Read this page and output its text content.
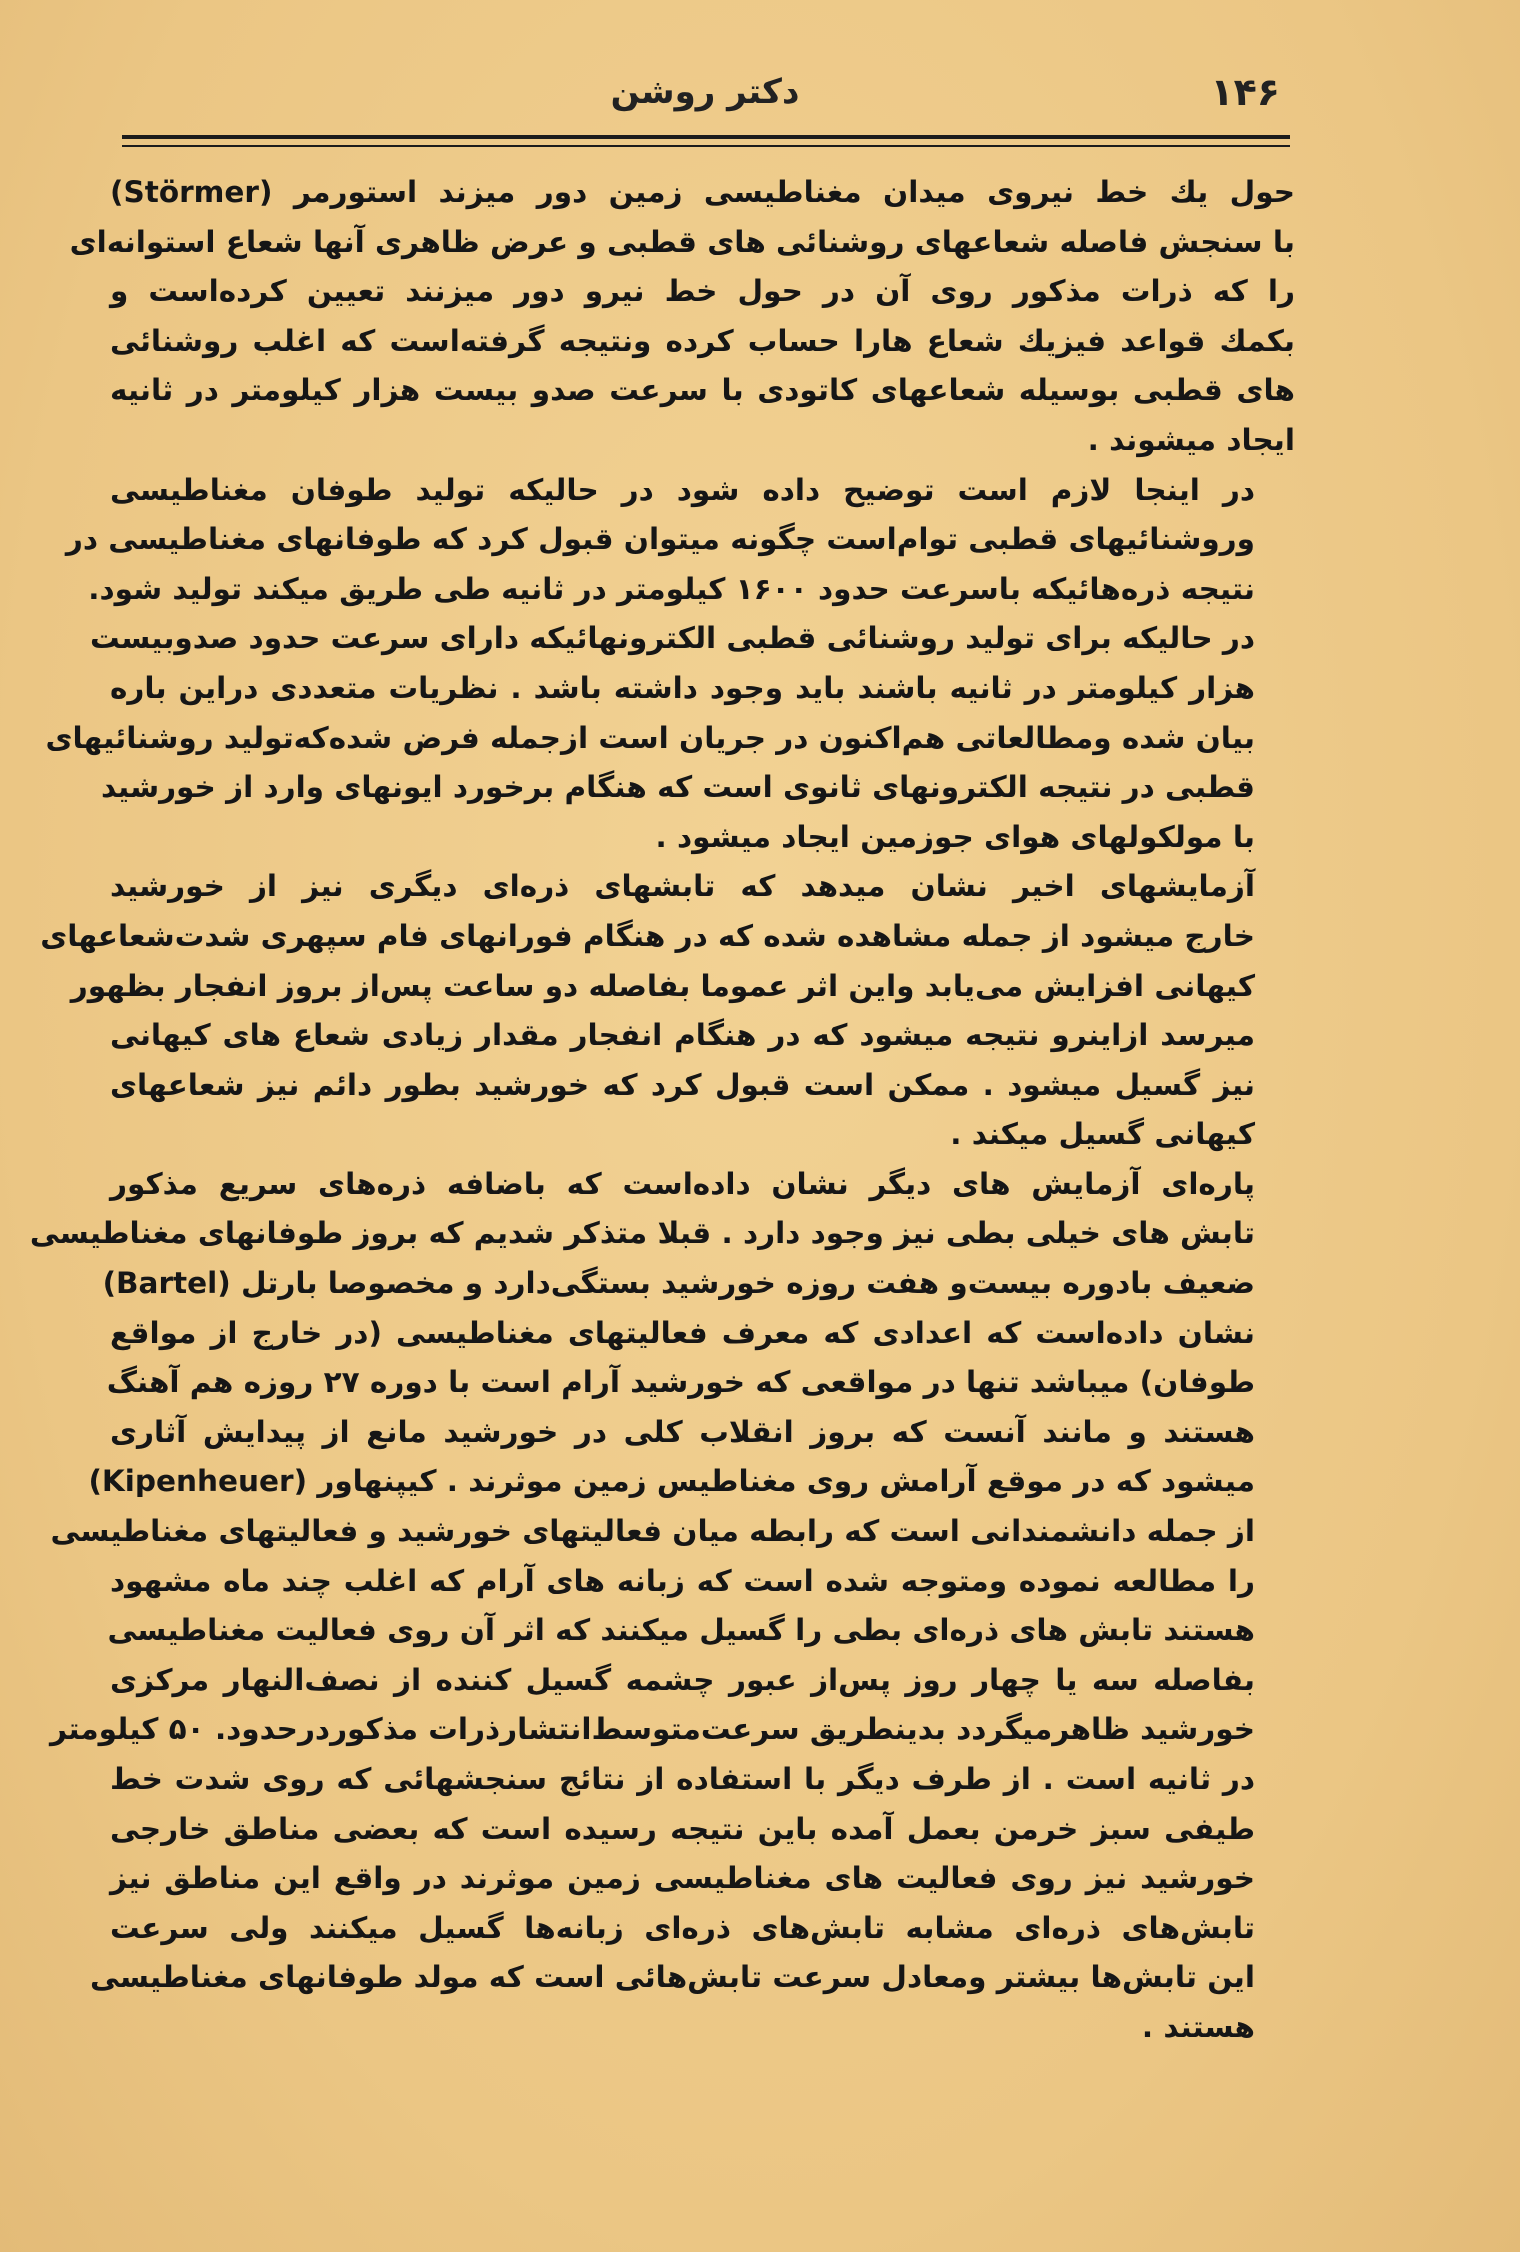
۱۴۶
دکتر روشن
حول يك خط نيروى ميدان مغناطيسى زمين دور ميزند استورمر (Störmer)
با سنجش فاصله شعاعهاى روشنائى هاى قطبى و عرض ظاهرى آنها شعاع استوانه‌اى
را كه ذرات مذكور روى آن در حول خط نيرو دور ميزنند تعيين كرده‌است و
بكمك قواعد فيزيك شعاع هارا حساب كرده ونتيجه گرفته‌است كه اغلب روشنائى
هاى قطبى بوسيله شعاعهاى كاتودى با سرعت صدو بيست هزار كيلومتر در ثانيه
ايجاد ميشوند .
در اينجا لازم است توضيح داده شود در حاليكه توليد طوفان مغناطيسى
وروشنائيهاى قطبى توام‌است چگونه ميتوان قبول كرد كه طوفانهاى مغناطيسى در
نتيجه ذره‌هائيكه باسرعت حدود ۱۶۰۰ كيلومتر در ثانيه طى طريق ميكند توليد شود.
در حاليكه براى توليد روشنائى قطبى الكترونهائيكه داراى سرعت حدود صدوبيست
هزار كيلومتر در ثانيه باشند بايد وجود داشته باشد . نظريات متعددى دراين باره
بيان شده ومطالعاتى هم‌اكنون در جريان است ازجمله فرض شده‌كه‌توليد روشنائيهاى
قطبى در نتيجه الكترونهاى ثانوى است كه هنگام برخورد ايونهاى وارد از خورشيد
با مولكولهاى هواى جوزمين ايجاد ميشود .
آزمايشهاى اخير نشان ميدهد كه تابشهاى ذره‌اى ديگرى نيز از خورشيد
خارج ميشود از جمله مشاهده شده كه در هنگام فورانهاى فام سپهرى شدت‌شعاعهاى
كيهانى افزايش مى‌يابد واين اثر عموما بفاصله دو ساعت پس‌از بروز انفجار بظهور
ميرسد ازاينرو نتيجه ميشود كه در هنگام انفجار مقدار زيادى شعاع هاى كيهانى
نيز گسيل ميشود . ممكن است قبول كرد كه خورشيد بطور دائم نيز شعاعهاى
كيهانى گسيل ميكند .
پاره‌اى آزمايش هاى ديگر نشان داده‌است كه باضافه ذره‌هاى سريع مذكور
تابش هاى خيلى بطى نيز وجود دارد . قبلا متذكر شديم كه بروز طوفانهاى مغناطيسى
ضعيف بادوره بيست‌و هفت روزه خورشيد بستگى‌دارد و مخصوصا بارتل (Bartel)
نشان داده‌است كه اعدادى كه معرف فعاليتهاى مغناطيسى (در خارج از مواقع
طوفان) ميباشد تنها در مواقعى كه خورشيد آرام است با دوره ۲۷ روزه هم آهنگ
هستند و مانند آنست كه بروز انقلاب كلى در خورشيد مانع از پيدايش آثارى
ميشود كه در موقع آرامش روى مغناطيس زمين موثرند . كيپنهاور (Kipenheuer)
از جمله دانشمندانى است كه رابطه ميان فعاليتهاى خورشيد و فعاليتهاى مغناطيسى
را مطالعه نموده ومتوجه شده است كه زبانه هاى آرام كه اغلب چند ماه مشهود
هستند تابش هاى ذره‌اى بطى را گسيل ميكنند كه اثر آن روى فعاليت مغناطيسى
بفاصله سه يا چهار روز پس‌از عبور چشمه گسيل كننده از نصف‌النهار مركزى
خورشيد ظاهرميگردد بدينطريق سرعت‌متوسط‌انتشارذرات مذكوردرحدود. ۵۰ كيلومتر
در ثانيه است . از طرف ديگر با استفاده از نتائج سنجشهائى كه روى شدت خط
طيفى سبز خرمن بعمل آمده باين نتيجه رسيده است كه بعضى مناطق خارجى
خورشيد نيز روى فعاليت هاى مغناطيسى زمين موثرند در واقع اين مناطق نيز
تابش‌هاى ذره‌اى مشابه تابش‌هاى ذره‌اى زبانه‌ها گسيل ميكنند ولى سرعت
اين تابش‌ها بيشتر ومعادل سرعت تابش‌هائى است كه مولد طوفانهاى مغناطيسى
هستند .
